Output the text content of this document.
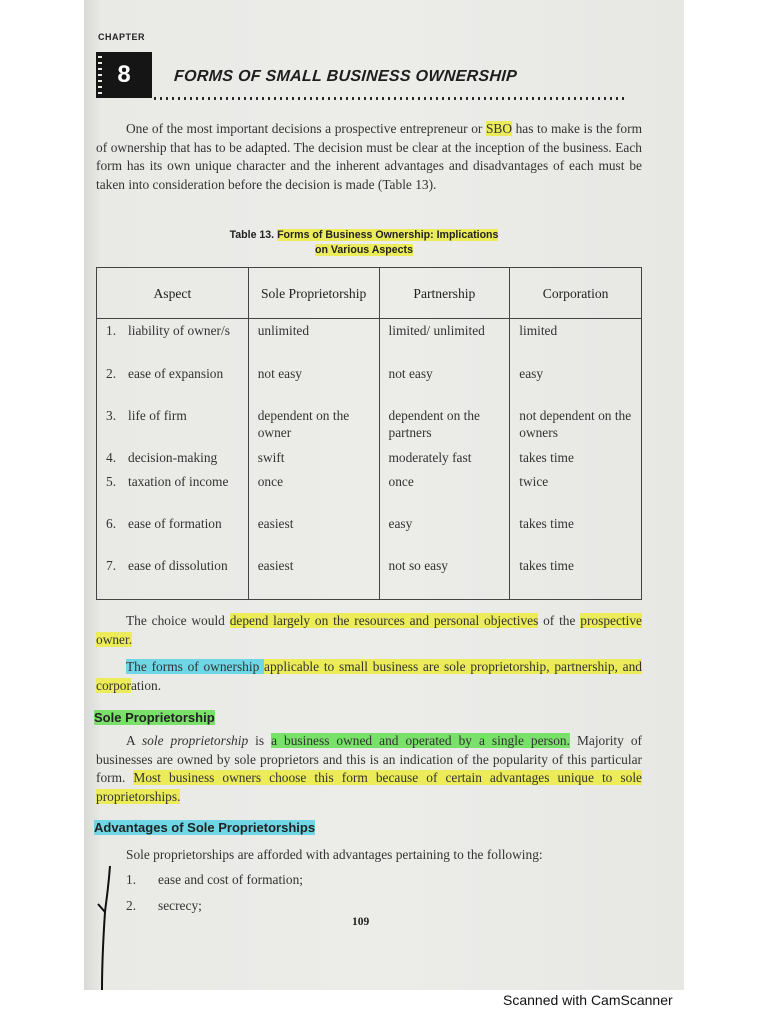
CHAPTER
8	FORMS OF SMALL BUSINESS OWNERSHIP
One of the most important decisions a prospective entrepreneur or SBO has to make is the form of ownership that has to be adapted. The decision must be clear at the inception of the business. Each form has its own unique character and the inherent advantages and disadvantages of each must be taken into consideration before the decision is made (Table 13).
Table 13. Forms of Business Ownership: Implications
on Various Aspects
Aspect	Sole Proprietorship	Partnership	Corporation

1. liability of owner/s	unlimited	limited/ unlimited	limited

2. ease of expansion	not easy	not easy	easy

3. life of firm	dependent on the owner	dependent on the partners	not dependent on the owners

4. decision-making	swift	moderately fast	takes time

5. taxation of income	once	once	twice

6. ease of formation	easiest	easy	takes time

7. ease of dissolution	easiest	not so easy	takes time
The choice would depend largely on the resources and personal objectives of the prospective owner.
The forms of ownership applicable to small business are sole proprietorship, partnership, and corporation.
Sole Proprietorship
A sole proprietorship is a business owned and operated by a single person. Majority of businesses are owned by sole proprietors and this is an indication of the popularity of this particular form. Most business owners choose this form because of certain advantages unique to sole proprietorships.
Advantages of Sole Proprietorships
Sole proprietorships are afforded with advantages pertaining to the following:
1. ease and cost of formation;
2. secrecy;
109
Scanned with CamScanner
